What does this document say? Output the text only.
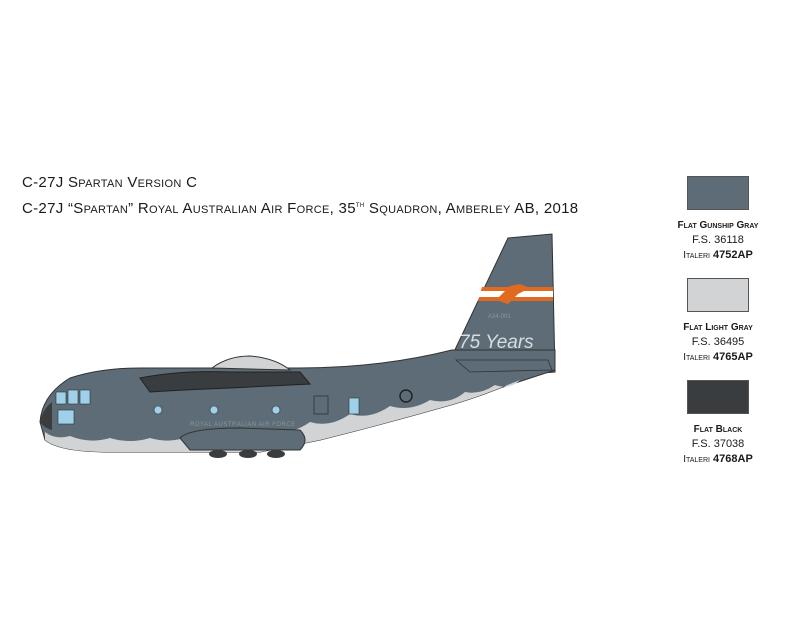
C-27J Spartan Version C
C-27J “Spartan” Royal Australian Air Force, 35th Squadron, Amberley AB, 2018
ROYAL AUSTRALIAN AIR FORCE
A34-001
75 Years
Flat Gunship Gray
F.S. 36118
Italeri 4752AP
Flat Light Gray
F.S. 36495
Italeri 4765AP
Flat Black
F.S. 37038
Italeri 4768AP
